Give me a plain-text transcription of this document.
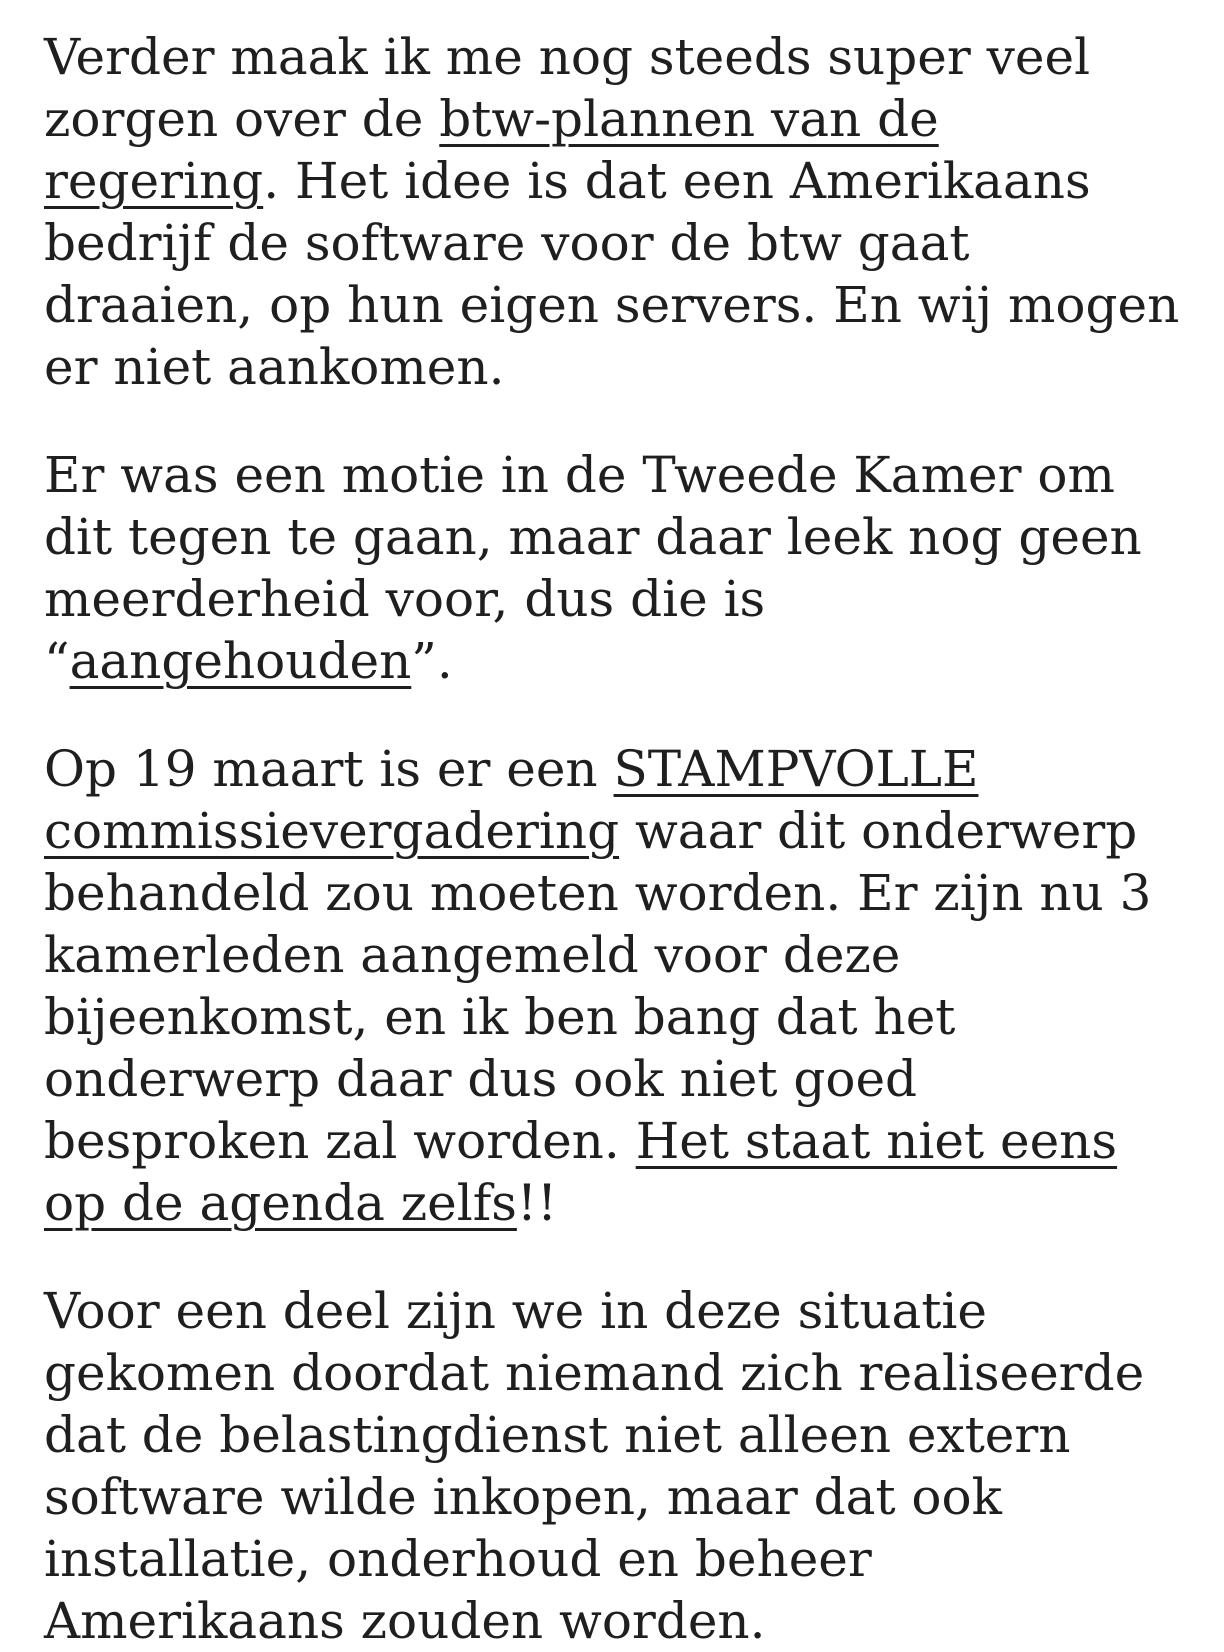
Verder maak ik me nog steeds super veel zorgen over de btw-plannen van de regering. Het idee is dat een Amerikaans bedrijf de software voor de btw gaat draaien, op hun eigen servers. En wij mogen er niet aankomen.

Er was een motie in de Tweede Kamer om dit tegen te gaan, maar daar leek nog geen meerderheid voor, dus die is “aangehouden”.

Op 19 maart is er een STAMPVOLLE commissievergadering waar dit onderwerp behandeld zou moeten worden. Er zijn nu 3 kamerleden aangemeld voor deze bijeenkomst, en ik ben bang dat het onderwerp daar dus ook niet goed besproken zal worden. Het staat niet eens op de agenda zelfs!!

Voor een deel zijn we in deze situatie gekomen doordat niemand zich realiseerde dat de belastingdienst niet alleen extern software wilde inkopen, maar dat ook installatie, onderhoud en beheer Amerikaans zouden worden.
